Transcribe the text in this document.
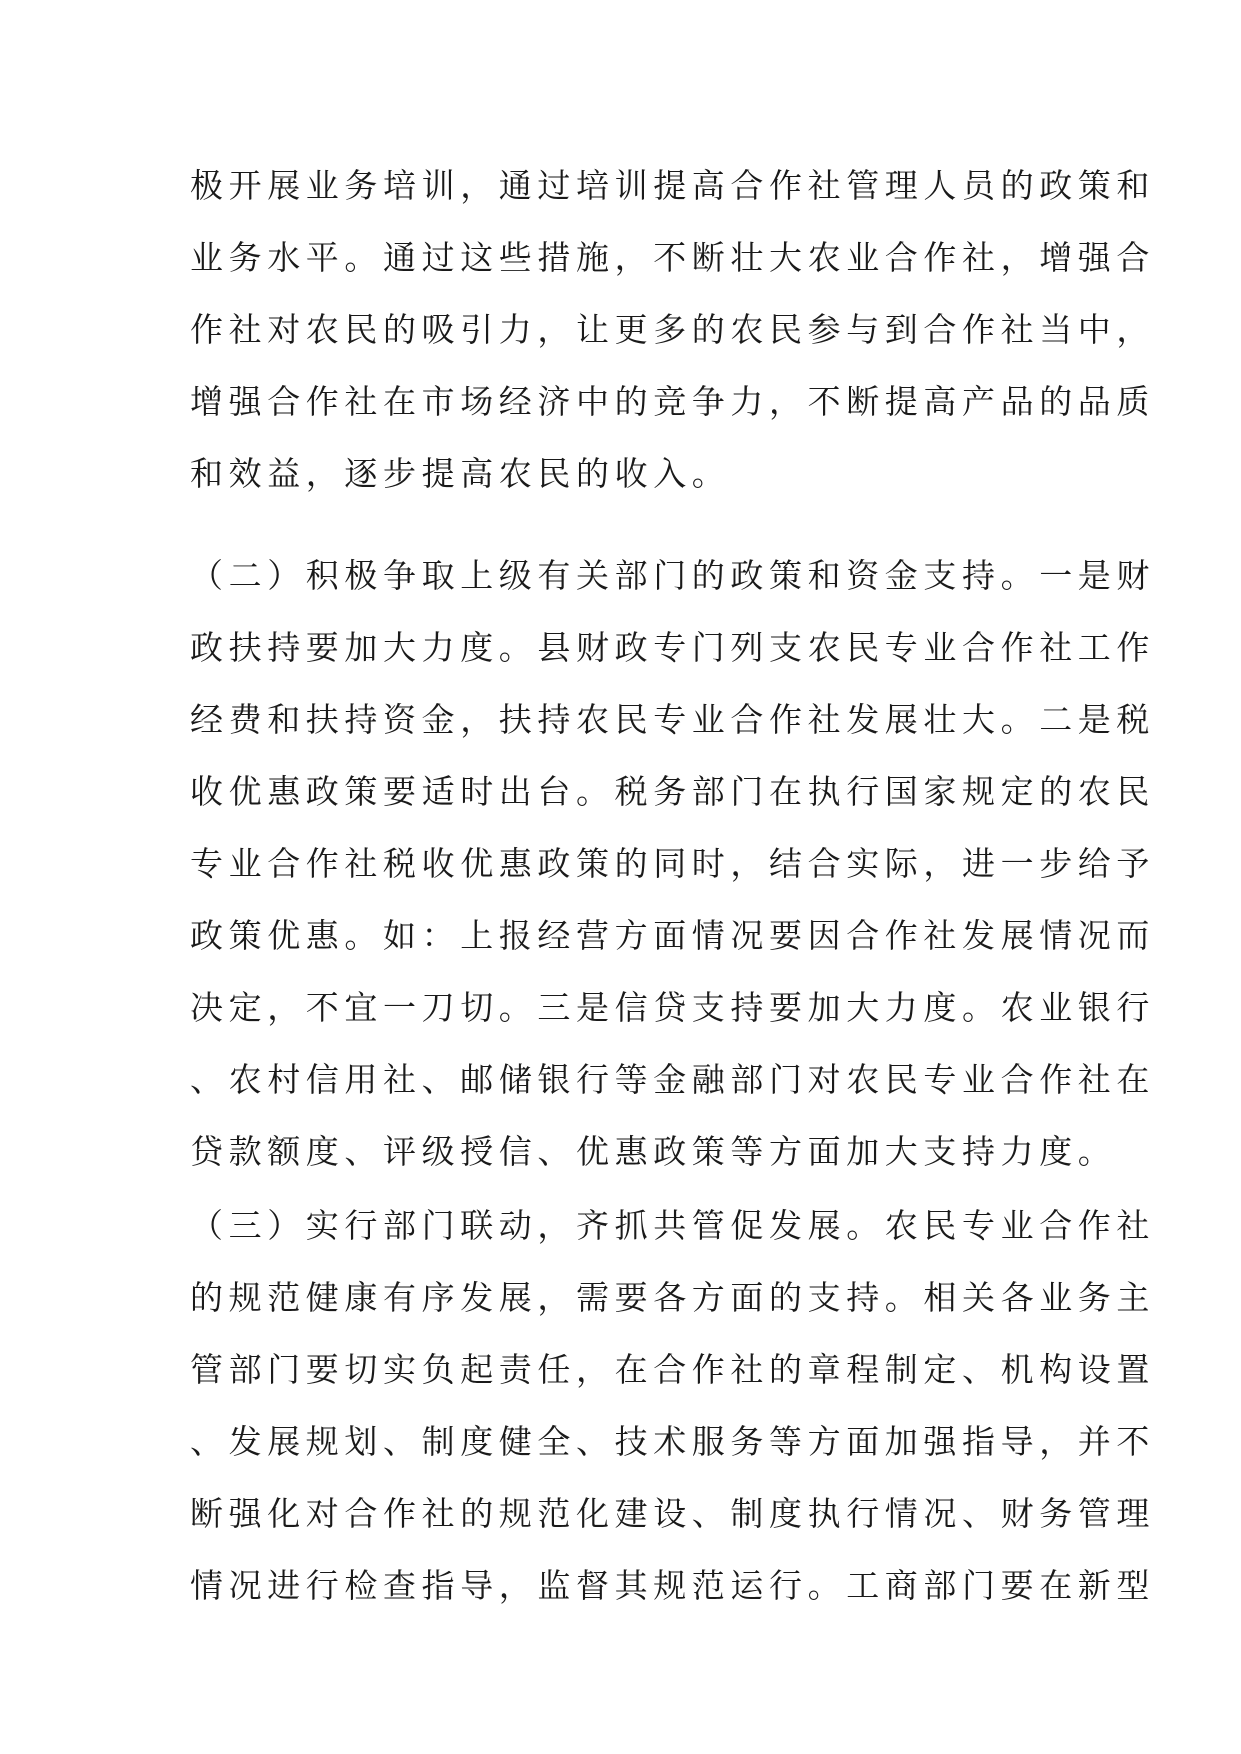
极开展业务培训，通过培训提高合作社管理人员的政策和
业务水平。通过这些措施，不断壮大农业合作社，增强合
作社对农民的吸引力，让更多的农民参与到合作社当中，
增强合作社在市场经济中的竞争力，不断提高产品的品质
和效益，逐步提高农民的收入。
（二）积极争取上级有关部门的政策和资金支持。一是财
政扶持要加大力度。县财政专门列支农民专业合作社工作
经费和扶持资金，扶持农民专业合作社发展壮大。二是税
收优惠政策要适时出台。税务部门在执行国家规定的农民
专业合作社税收优惠政策的同时，结合实际，进一步给予
政策优惠。如：上报经营方面情况要因合作社发展情况而
决定，不宜一刀切。三是信贷支持要加大力度。农业银行
、农村信用社、邮储银行等金融部门对农民专业合作社在
贷款额度、评级授信、优惠政策等方面加大支持力度。
（三）实行部门联动，齐抓共管促发展。农民专业合作社
的规范健康有序发展，需要各方面的支持。相关各业务主
管部门要切实负起责任，在合作社的章程制定、机构设置
、发展规划、制度健全、技术服务等方面加强指导，并不
断强化对合作社的规范化建设、制度执行情况、财务管理
情况进行检查指导，监督其规范运行。工商部门要在新型
